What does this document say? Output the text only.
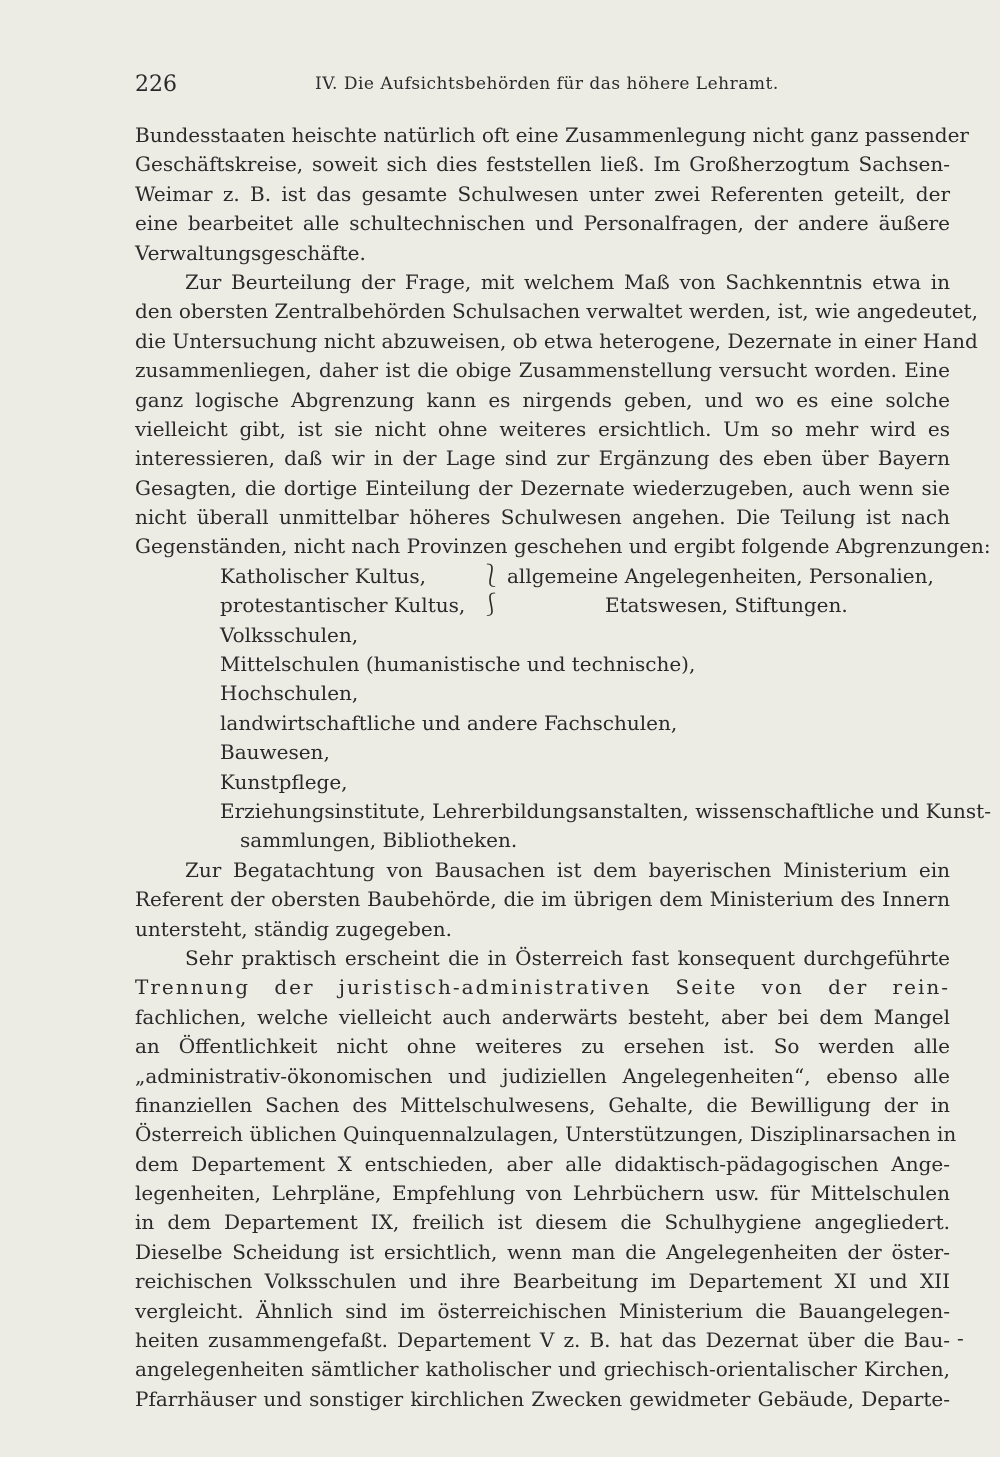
226	IV. Die Aufsichtsbehörden für das höhere Lehramt.
Bundesstaaten heischte natürlich oft eine Zusammenlegung nicht ganz passender
Geschäftskreise, soweit sich dies feststellen ließ. Im Großherzogtum Sachsen-
Weimar z. B. ist das gesamte Schulwesen unter zwei Referenten geteilt, der
eine bearbeitet alle schultechnischen und Personalfragen, der andere äußere
Verwaltungsgeschäfte.
Zur Beurteilung der Frage, mit welchem Maß von Sachkenntnis etwa in
den obersten Zentralbehörden Schulsachen verwaltet werden, ist, wie angedeutet,
die Untersuchung nicht abzuweisen, ob etwa heterogene, Dezernate in einer Hand
zusammenliegen, daher ist die obige Zusammenstellung versucht worden. Eine
ganz logische Abgrenzung kann es nirgends geben, und wo es eine solche
vielleicht gibt, ist sie nicht ohne weiteres ersichtlich. Um so mehr wird es
interessieren, daß wir in der Lage sind zur Ergänzung des eben über Bayern
Gesagten, die dortige Einteilung der Dezernate wiederzugeben, auch wenn sie
nicht überall unmittelbar höheres Schulwesen angehen. Die Teilung ist nach
Gegenständen, nicht nach Provinzen geschehen und ergibt folgende Abgrenzungen:
Katholischer Kultus, ⎱ allgemeine Angelegenheiten, Personalien,
protestantischer Kultus, ⎰	Etatswesen, Stiftungen.
Volksschulen,
Mittelschulen (humanistische und technische),
Hochschulen,
landwirtschaftliche und andere Fachschulen,
Bauwesen,
Kunstpflege,
Erziehungsinstitute, Lehrerbildungsanstalten, wissenschaftliche und Kunst-
sammlungen, Bibliotheken.
Zur Begatachtung von Bausachen ist dem bayerischen Ministerium ein
Referent der obersten Baubehörde, die im übrigen dem Ministerium des Innern
untersteht, ständig zugegeben.
Sehr praktisch erscheint die in Österreich fast konsequent durchgeführte
Trennung der juristisch-administrativen Seite von der rein-
fachlichen, welche vielleicht auch anderwärts besteht, aber bei dem Mangel
an Öffentlichkeit nicht ohne weiteres zu ersehen ist. So werden alle
„administrativ-ökonomischen und judiziellen Angelegenheiten“, ebenso alle
finanziellen Sachen des Mittelschulwesens, Gehalte, die Bewilligung der in
Österreich üblichen Quinquennalzulagen, Unterstützungen, Disziplinarsachen in
dem Departement X entschieden, aber alle didaktisch-pädagogischen Ange-
legenheiten, Lehrpläne, Empfehlung von Lehrbüchern usw. für Mittelschulen
in dem Departement IX, freilich ist diesem die Schulhygiene angegliedert.
Dieselbe Scheidung ist ersichtlich, wenn man die Angelegenheiten der öster-
reichischen Volksschulen und ihre Bearbeitung im Departement XI und XII
vergleicht. Ähnlich sind im österreichischen Ministerium die Bauangelegen-
heiten zusammengefaßt. Departement V z. B. hat das Dezernat über die Bau-
angelegenheiten sämtlicher katholischer und griechisch-orientalischer Kirchen,
Pfarrhäuser und sonstiger kirchlichen Zwecken gewidmeter Gebäude, Departe-
-
